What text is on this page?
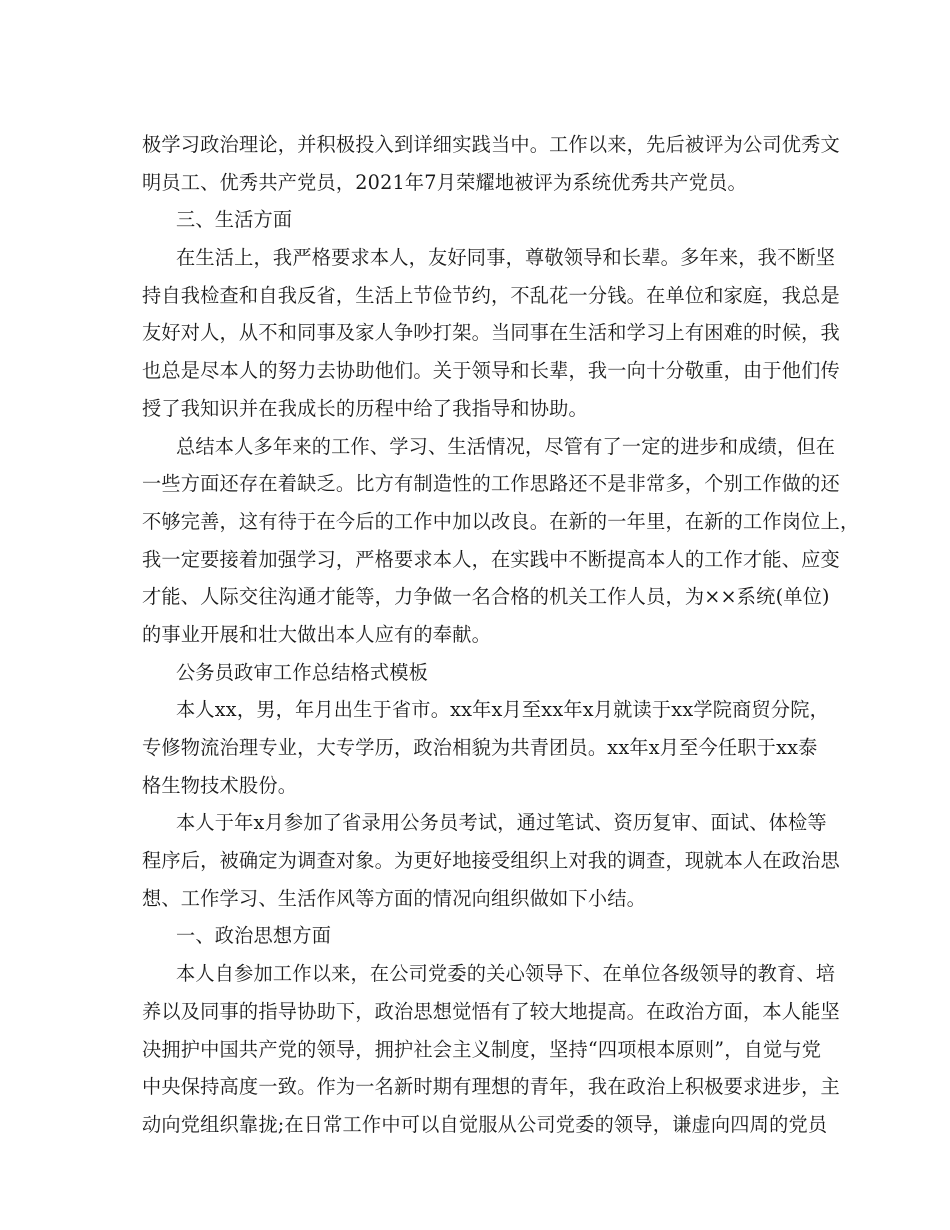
极学习政治理论，并积极投入到详细实践当中。工作以来，先后被评为公司优秀文
明员工、优秀共产党员，2021年7月荣耀地被评为系统优秀共产党员。
三、生活方面
在生活上，我严格要求本人，友好同事，尊敬领导和长辈。多年来，我不断坚
持自我检查和自我反省，生活上节俭节约，不乱花一分钱。在单位和家庭，我总是
友好对人，从不和同事及家人争吵打架。当同事在生活和学习上有困难的时候，我
也总是尽本人的努力去协助他们。关于领导和长辈，我一向十分敬重，由于他们传
授了我知识并在我成长的历程中给了我指导和协助。
总结本人多年来的工作、学习、生活情况，尽管有了一定的进步和成绩，但在
一些方面还存在着缺乏。比方有制造性的工作思路还不是非常多，个别工作做的还
不够完善，这有待于在今后的工作中加以改良。在新的一年里，在新的工作岗位上，
我一定要接着加强学习，严格要求本人，在实践中不断提高本人的工作才能、应变
才能、人际交往沟通才能等，力争做一名合格的机关工作人员，为××系统(单位)
的事业开展和壮大做出本人应有的奉献。
公务员政审工作总结格式模板
本人xx，男，年月出生于省市。xx年x月至xx年x月就读于xx学院商贸分院，
专修物流治理专业，大专学历，政治相貌为共青团员。xx年x月至今任职于xx泰
格生物技术股份。
本人于年x月参加了省录用公务员考试，通过笔试、资历复审、面试、体检等
程序后，被确定为调查对象。为更好地接受组织上对我的调查，现就本人在政治思
想、工作学习、生活作风等方面的情况向组织做如下小结。
一、政治思想方面
本人自参加工作以来，在公司党委的关心领导下、在单位各级领导的教育、培
养以及同事的指导协助下，政治思想觉悟有了较大地提高。在政治方面，本人能坚
决拥护中国共产党的领导，拥护社会主义制度，坚持“四项根本原则”，自觉与党
中央保持高度一致。作为一名新时期有理想的青年，我在政治上积极要求进步，主
动向党组织靠拢;在日常工作中可以自觉服从公司党委的领导，谦虚向四周的党员
